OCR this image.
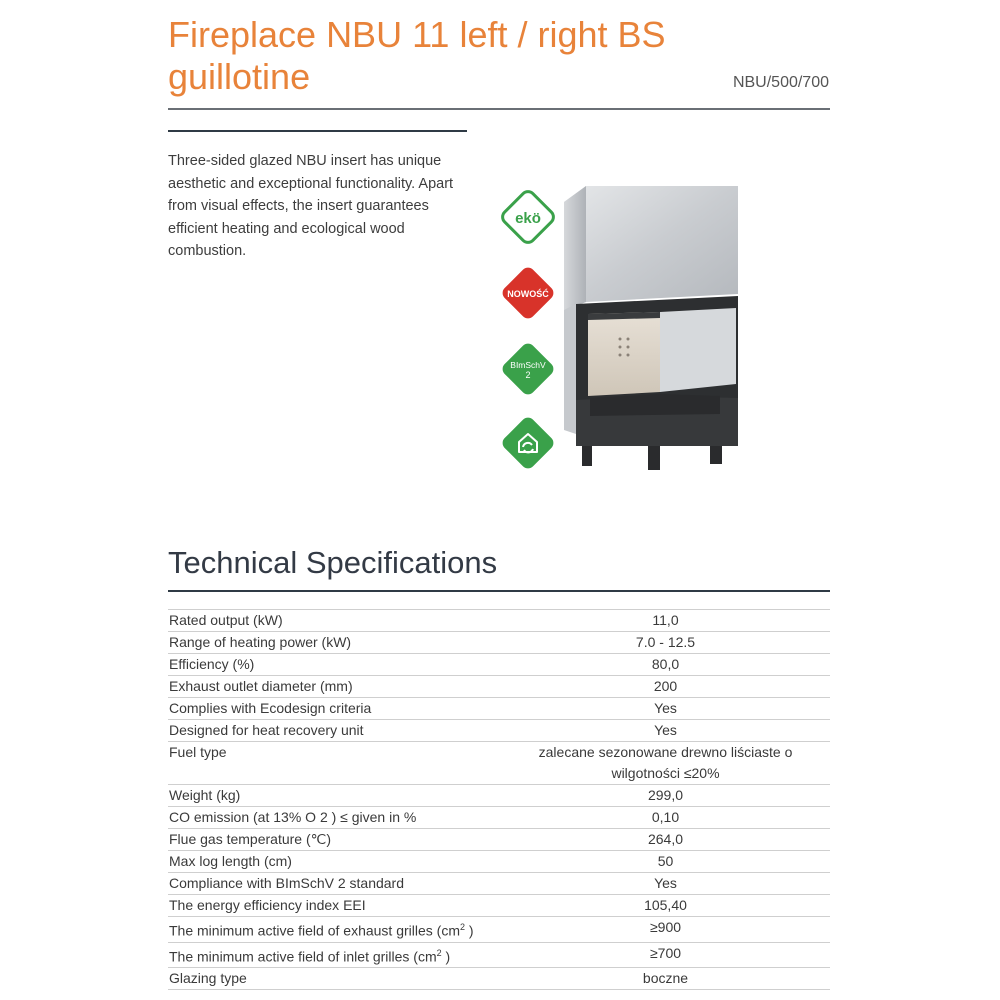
Fireplace NBU 11 left / right BS guillotine	NBU/500/700

Three-sided glazed NBU insert has unique aesthetic and exceptional functionality. Apart from visual effects, the insert guarantees efficient heating and ecological wood combustion.

ekö
NOWOŚĆ
BImSchV
2
Technical Specifications
Rated output (kW)	11,0
Range of heating power (kW)	7.0 - 12.5
Efficiency (%)	80,0
Exhaust outlet diameter (mm)	200
Complies with Ecodesign criteria	Yes
Designed for heat recovery unit	Yes
Fuel type	zalecane sezonowane drewno liściaste o
wilgotności ≤20%

Weight (kg)	299,0
CO emission (at 13% O 2 ) ≤ given in %	0,10
Flue gas temperature (℃)	264,0
Max log length (cm)	50
Compliance with BImSchV 2 standard	Yes
The energy efficiency index EEI	105,40
The minimum active field of exhaust grilles ($cm^2$ )	≥900
The minimum active field of inlet grilles ($cm^2$ )	≥700
Glazing type	boczne
